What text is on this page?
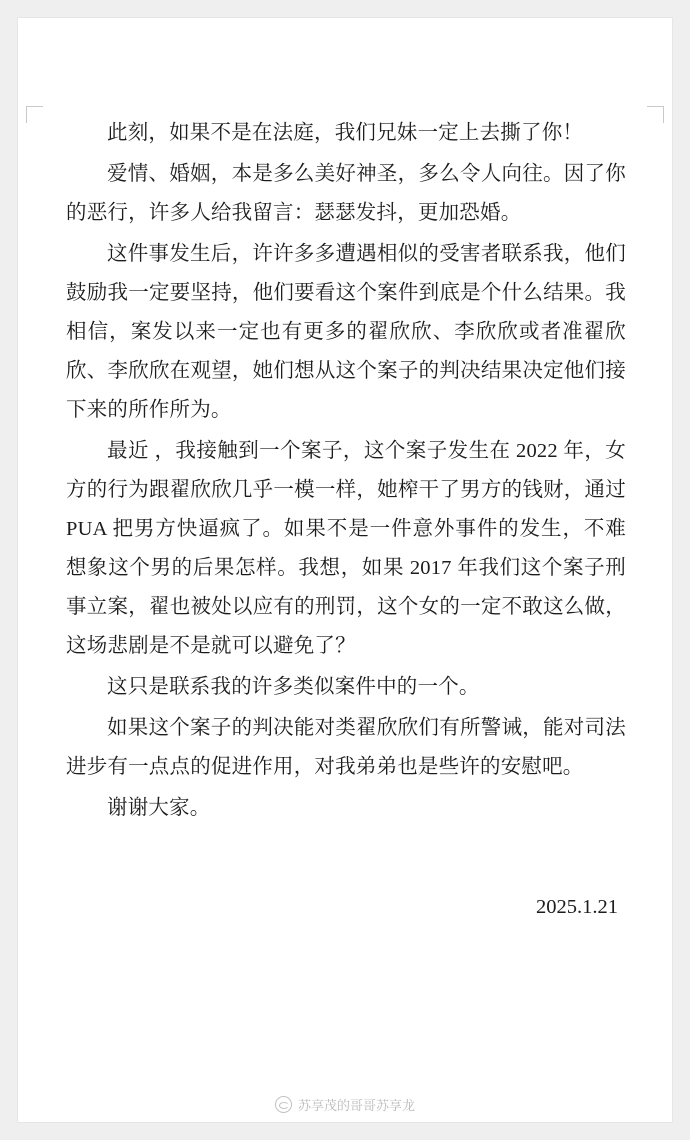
此刻，如果不是在法庭，我们兄妹一定上去撕了你！

爱情、婚姻，本是多么美好神圣，多么令人向往。因了你的恶行，许多人给我留言：瑟瑟发抖，更加恐婚。

这件事发生后，许许多多遭遇相似的受害者联系我，他们鼓励我一定要坚持，他们要看这个案件到底是个什么结果。我相信，案发以来一定也有更多的翟欣欣、李欣欣或者准翟欣欣、李欣欣在观望，她们想从这个案子的判决结果决定他们接下来的所作所为。

最近 ，我接触到一个案子，这个案子发生在 2022 年，女方的行为跟翟欣欣几乎一模一样，她榨干了男方的钱财，通过 PUA 把男方快逼疯了。如果不是一件意外事件的发生，不难想象这个男的后果怎样。我想，如果 2017 年我们这个案子刑事立案，翟也被处以应有的刑罚，这个女的一定不敢这么做，这场悲剧是不是就可以避免了？

这只是联系我的许多类似案件中的一个。

如果这个案子的判决能对类翟欣欣们有所警诫，能对司法进步有一点点的促进作用，对我弟弟也是些许的安慰吧。

谢谢大家。

2025.1.21
苏享茂的哥哥苏享龙
